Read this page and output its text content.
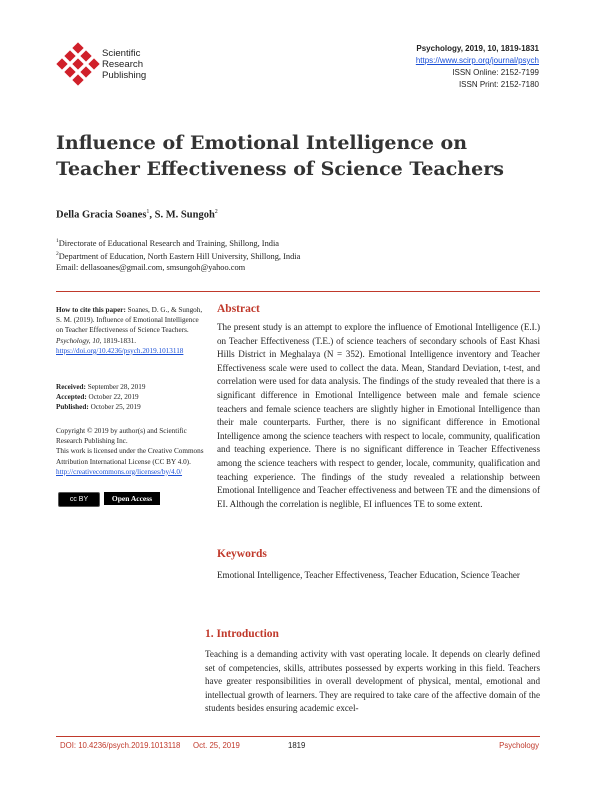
Scientific
Research
Publishing
Psychology, 2019, 10, 1819-1831
https://www.scirp.org/journal/psych
ISSN Online: 2152-7199
ISSN Print: 2152-7180
Influence of Emotional Intelligence on Teacher Effectiveness of Science Teachers
Della Gracia Soanes$^1$, S. M. Sungoh$^2$
$^1$Directorate of Educational Research and Training, Shillong, India
$^2$Department of Education, North Eastern Hill University, Shillong, India
Email: dellasoanes@gmail.com, smsungoh@yahoo.com
How to cite this paper: Soanes, D. G., & Sungoh, S. M. (2019). Influence of Emotional Intelligence on Teacher Effectiveness of Science Teachers. Psychology, 10, 1819-1831.
https://doi.org/10.4236/psych.2019.1013118
Received: September 28, 2019
Accepted: October 22, 2019
Published: October 25, 2019
Copyright © 2019 by author(s) and Scientific Research Publishing Inc.
This work is licensed under the Creative Commons Attribution International License (CC BY 4.0).
http://creativecommons.org/licenses/by/4.0/
cc BY	Open Access
Abstract
The present study is an attempt to explore the influence of Emotional Intelligence (E.I.) on Teacher Effectiveness (T.E.) of science teachers of secondary schools of East Khasi Hills District in Meghalaya (N = 352). Emotional Intelligence inventory and Teacher Effectiveness scale were used to collect the data. Mean, Standard Deviation, t-test, and correlation were used for data analysis. The findings of the study revealed that there is a significant difference in Emotional Intelligence between male and female science teachers and female science teachers are slightly higher in Emotional Intelligence than their male counterparts. Further, there is no significant difference in Emotional Intelligence among the science teachers with respect to locale, community, qualification and teaching experience. There is no significant difference in Teacher Effectiveness among the science teachers with respect to gender, locale, community, qualification and teaching experience. The findings of the study revealed a relationship between Emotional Intelligence and Teacher effectiveness and between TE and the dimensions of EI. Although the correlation is neglible, EI influences TE to some extent.
Keywords
Emotional Intelligence, Teacher Effectiveness, Teacher Education, Science Teacher
1. Introduction
Teaching is a demanding activity with vast operating locale. It depends on clearly defined set of competencies, skills, attributes possessed by experts working in this field. Teachers have greater responsibilities in overall development of physical, mental, emotional and intellectual growth of learners. They are required to take care of the affective domain of the students besides ensuring academic excel-
DOI: 10.4236/psych.2019.1013118 Oct. 25, 2019	1819	Psychology
